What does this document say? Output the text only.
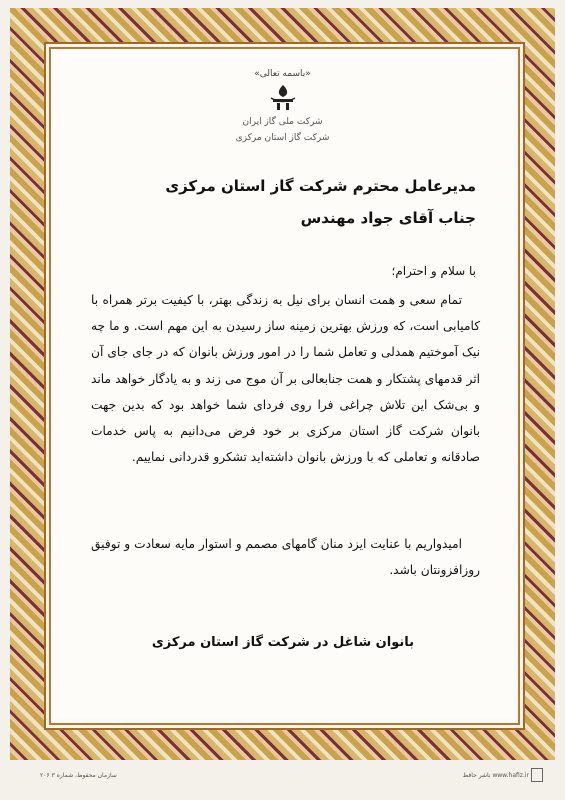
«باسمه تعالی»
شرکت ملی گاز ایران
شرکت گاز استان مرکزی
مدیرعامل محترم شرکت گاز استان مرکزی
جناب آقای جواد مهندس
با سلام و احترام؛
تمام سعی و همت انسان برای نیل به زندگی بهتر، با کیفیت برتر همراه با کامیابی است، که ورزش بهترین زمینه ساز رسیدن به این مهم است. و ما چه نیک آموختیم همدلی و تعامل شما را در امور ورزش بانوان که در جای جای آن اثر قدمهای پشتکار و همت جنابعالی بر آن موج می زند و به یادگار خواهد ماند و بی‌شک این تلاش چراغی فرا روی فردای شما خواهد بود که بدین جهت بانوان شرکت گاز استان مرکزی بر خود فرض می‌دانیم به پاس خدمات صادقانه و تعاملی که با ورزش بانوان داشته‌اید تشکرو قدردانی نماییم.
امیدواریم با عنایت ایزد منان گامهای مصمم و استوار مایه سعادت و توفیق روزافزونتان باشد.
بانوان شاغل در شرکت گاز استان مرکزی
سازمان محفوظ، شماره ۳ ۲۰۶	www.hafiz.ir ناشر حافظ
